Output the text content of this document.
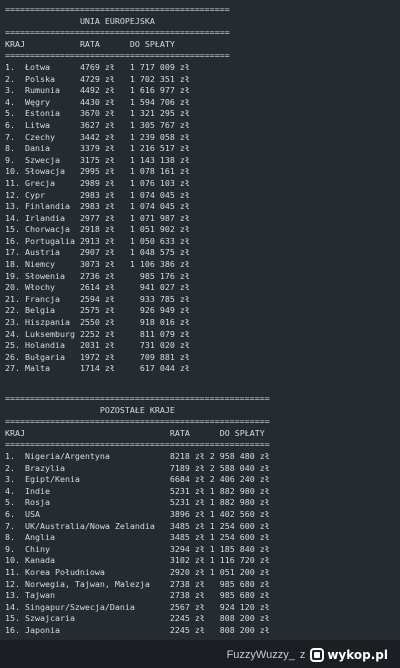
=============================================
UNIA EUROPEJSKA
=============================================
KRAJ           RATA      DO SPŁATY
=============================================
1.  Łotwa      4769 zł   1 717 009 zł
2.  Polska     4729 zł   1 702 351 zł
3.  Rumunia    4492 zł   1 616 977 zł
4.  Węgry      4430 zł   1 594 706 zł
5.  Estonia    3670 zł   1 321 295 zł
6.  Litwa      3627 zł   1 305 767 zł
7.  Czechy     3442 zł   1 239 058 zł
8.  Dania      3379 zł   1 216 517 zł
9.  Szwecja    3175 zł   1 143 138 zł
10. Słowacja   2995 zł   1 078 161 zł
11. Grecja     2989 zł   1 076 103 zł
12. Cypr       2983 zł   1 074 045 zł
13. Finlandia  2983 zł   1 074 045 zł
14. Irlandia   2977 zł   1 071 987 zł
15. Chorwacja  2918 zł   1 051 902 zł
16. Portugalia 2913 zł   1 050 633 zł
17. Austria    2907 zł   1 048 575 zł
18. Niemcy     3073 zł   1 106 386 zł
19. Słowenia   2736 zł     985 176 zł
20. Włochy     2614 zł     941 027 zł
21. Francja    2594 zł     933 785 zł
22. Belgia     2575 zł     926 949 zł
23. Hiszpania  2550 zł     918 016 zł
24. Luksemburg 2252 zł     811 079 zł
25. Holandia   2031 zł     731 020 zł
26. Bułgaria   1972 zł     709 881 zł
27. Malta      1714 zł     617 044 zł

=====================================================
POZOSTAŁE KRAJE
=====================================================
KRAJ                             RATA      DO SPŁATY
=====================================================
1.  Nigeria/Argentyna            8218 zł 2 958 480 zł
2.  Brazylia                     7189 zł 2 588 040 zł
3.  Egipt/Kenia                  6684 zł 2 406 240 zł
4.  Indie                        5231 zł 1 882 980 zł
5.  Rosja                        5231 zł 1 882 980 zł
6.  USA                          3896 zł 1 402 560 zł
7.  UK/Australia/Nowa Zelandia   3485 zł 1 254 600 zł
8.  Anglia                       3485 zł 1 254 600 zł
9.  Chiny                        3294 zł 1 185 840 zł
10. Kanada                       3102 zł 1 116 720 zł
11. Korea Południowa             2920 zł 1 051 200 zł
12. Norwegia, Tajwan, Malezja    2738 zł   985 680 zł
13. Tajwan                       2738 zł   985 680 zł
14. Singapur/Szwecja/Dania       2567 zł   924 120 zł
15. Szwajcaria                   2245 zł   808 200 zł
16. Japonia                      2245 zł   808 200 zł

FuzzyWuzzy_ z wykop.pl
